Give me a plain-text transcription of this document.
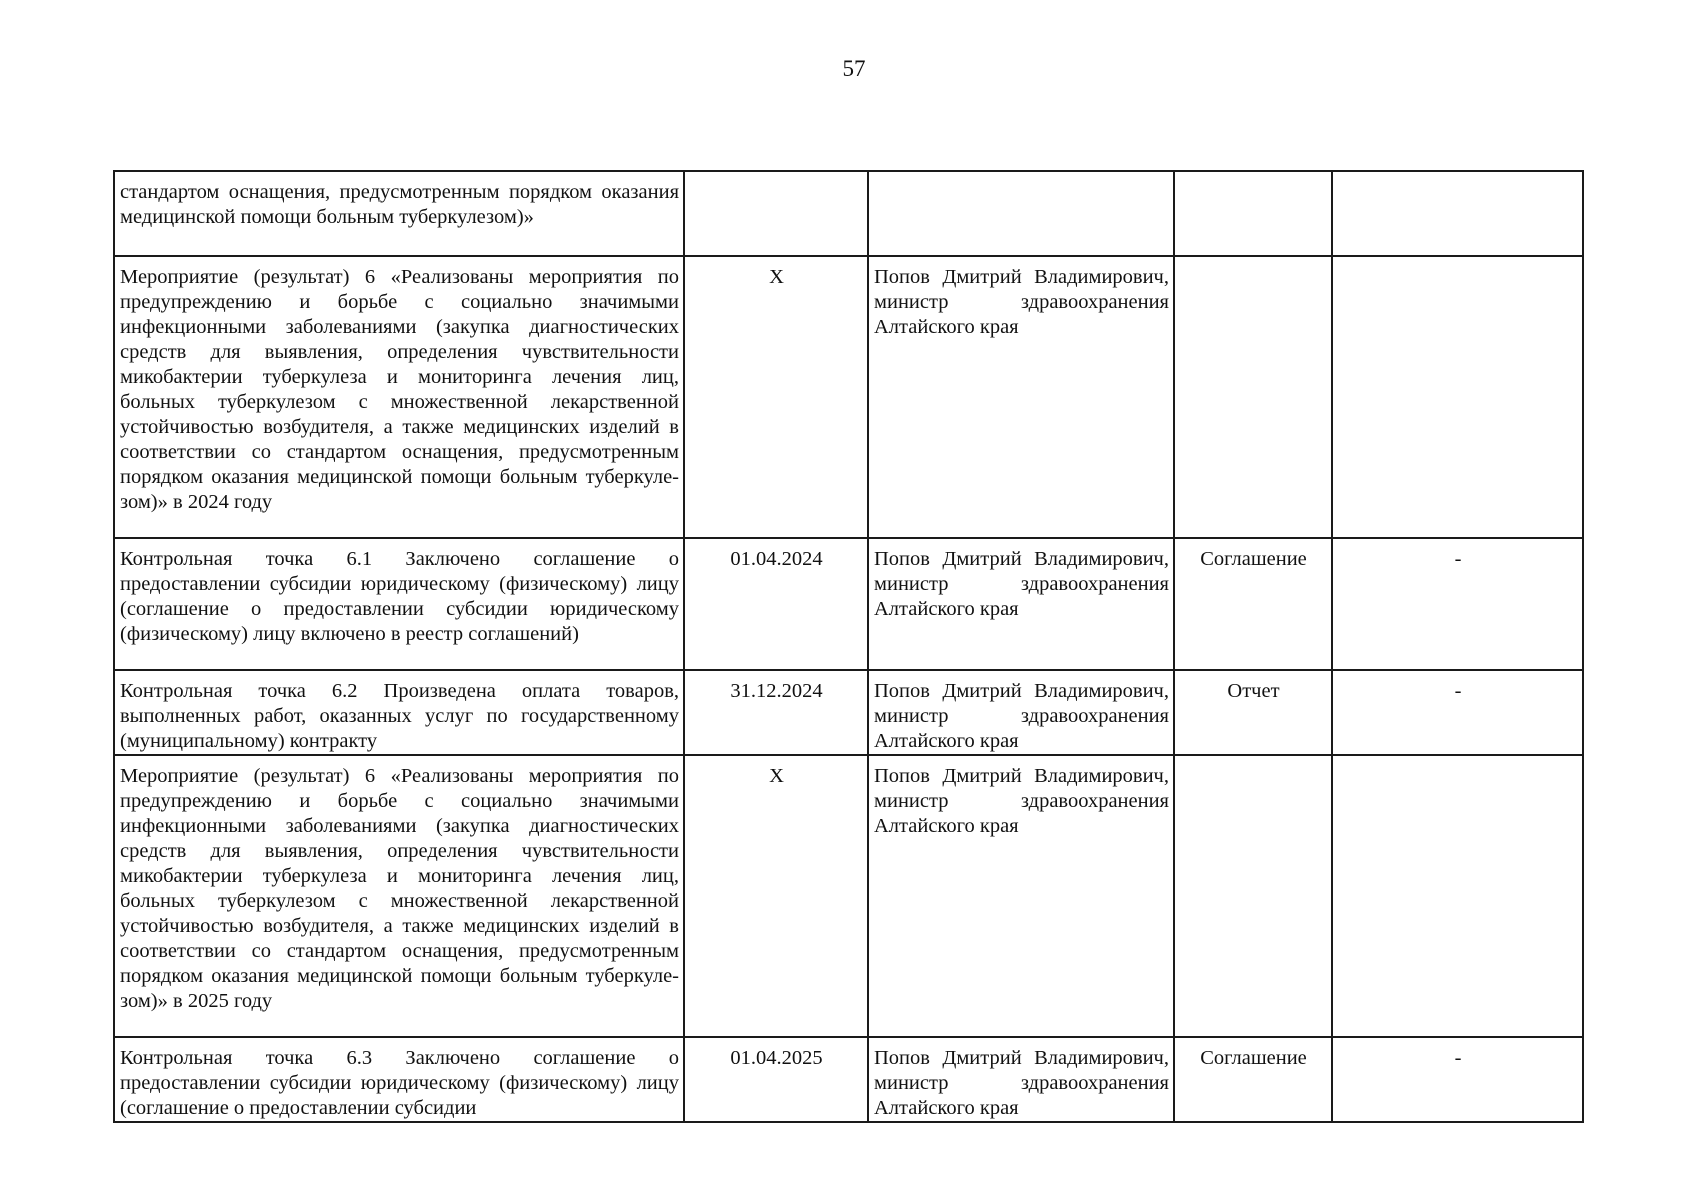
57
стандартом оснащения, предусмотренным порядком оказания медицинской помощи больным туберкулезом)»				
Мероприятие (результат) 6 «Реализованы мероприятия по предупреждению и борьбе с социально значимыми инфекционными заболеваниями (закупка диагностических средств для выявления, определения чувствительности микобактерии туберкулеза и мониторинга лечения лиц, больных туберкулезом с множественной лекарственной устойчивостью возбудителя, а также медицинских изделий в соответствии со стандартом оснащения, предусмотренным порядком оказания медицинской помощи больным туберкулезом)» в 2024 году	X	Попов Дмитрий Владимирович, министр здравоохранения Алтайского края		
Контрольная точка 6.1 Заключено соглашение о предоставлении субсидии юридическому (физическому) лицу (соглашение о предоставлении субсидии юридическому (физическому) лицу включено в реестр соглашений)	01.04.2024	Попов Дмитрий Владимирович, министр здравоохранения Алтайского края	Соглашение	-
Контрольная точка 6.2 Произведена оплата товаров, выполненных работ, оказанных услуг по государственному (муниципальному) контракту	31.12.2024	Попов Дмитрий Владимирович, министр здравоохранения Алтайского края	Отчет	-
Мероприятие (результат) 6 «Реализованы мероприятия по предупреждению и борьбе с социально значимыми инфекционными заболеваниями (закупка диагностических средств для выявления, определения чувствительности микобактерии туберкулеза и мониторинга лечения лиц, больных туберкулезом с множественной лекарственной устойчивостью возбудителя, а также медицинских изделий в соответствии со стандартом оснащения, предусмотренным порядком оказания медицинской помощи больным туберкулезом)» в 2025 году	X	Попов Дмитрий Владимирович, министр здравоохранения Алтайского края		
Контрольная точка 6.3 Заключено соглашение о предоставлении субсидии юридическому (физическому) лицу (соглашение о предоставлении субсидии	01.04.2025	Попов Дмитрий Владимирович, министр здравоохранения Алтайского края	Соглашение	-
